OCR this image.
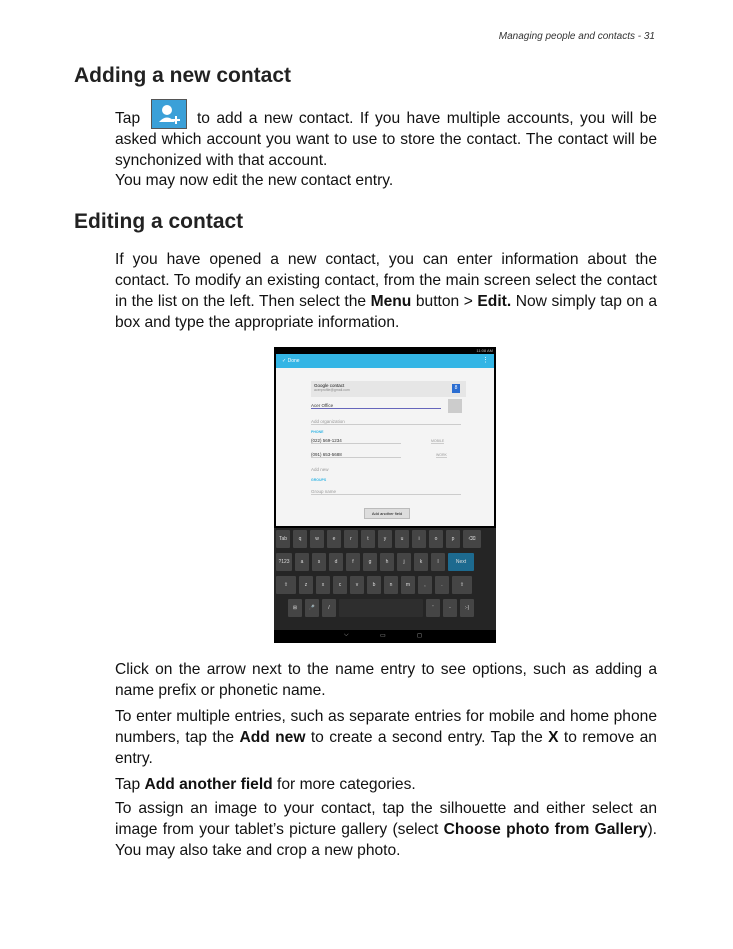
Managing people and contacts - 31
Adding a new contact

Tap	to add a new contact. If you have multiple accounts, you will be asked which account you want to use to store the contact. The contact will be synchonized with that account.

You may now edit the new contact entry.

Editing a contact

If you have opened a new contact, you can enter information about the contact. To modify an existing contact, from the main screen select the contact in the list on the left. Then select the Menu button > Edit. Now simply tap on a box and type the appropriate information.

11:08 AM
✓ Done	⋮
Google contact
acerprofile@gmail.com	8
Acer Office
Add organization
PHONE
(022) 569-1234	MOBILE
(091) 653-5688	WORK
Add new
GROUPS
Group name
Add another field
Tab	q	w	e	r	t	y	u	i	o	p	⌫
?123	a	s	d	f	g	h	j	k	l	Next
⇧	z	x	c	v	b	n	m	,	.	⇧
⊞	🎤	/	'	-	:-)
⌵	▭	◻

Click on the arrow next to the name entry to see options, such as adding a name prefix or phonetic name.

To enter multiple entries, such as separate entries for mobile and home phone numbers, tap the Add new to create a second entry. Tap the X to remove an entry.

Tap Add another field for more categories.

To assign an image to your contact, tap the silhouette and either select an image from your tablet’s picture gallery (select Choose photo from Gallery). You may also take and crop a new photo.
